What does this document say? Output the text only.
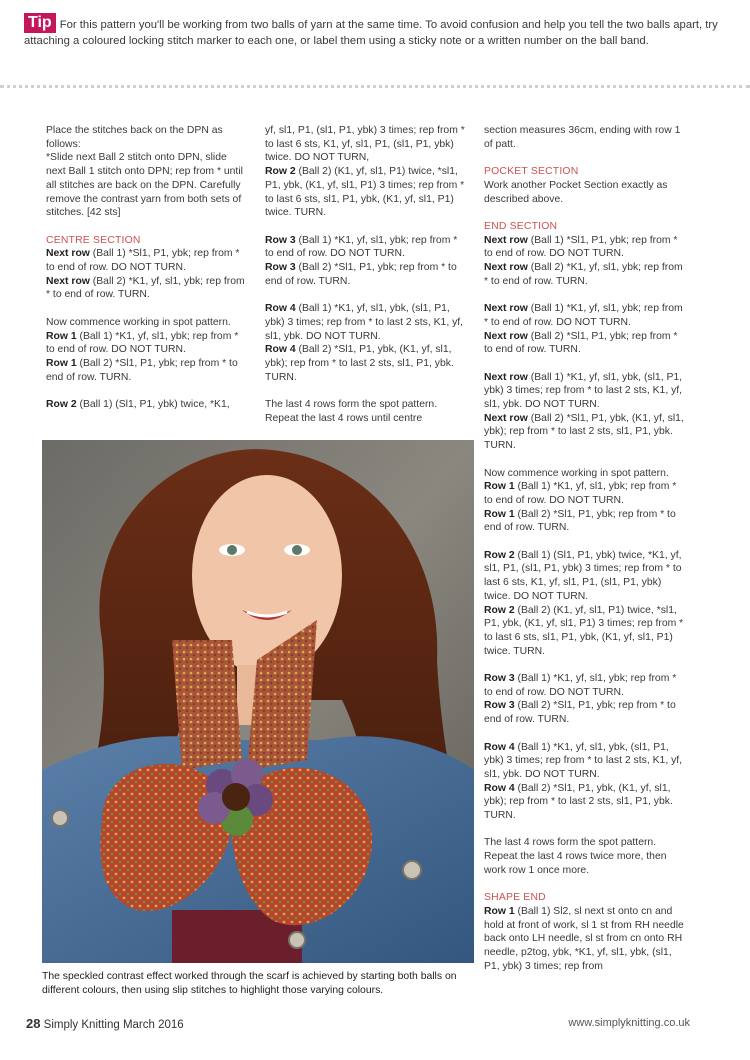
Tip For this pattern you'll be working from two balls of yarn at the same time. To avoid confusion and help you tell the two balls apart, try attaching a coloured locking stitch marker to each one, or label them using a sticky note or a written number on the ball band.

Place the stitches back on the DPN as follows:

*Slide next Ball 2 stitch onto DPN, slide next Ball 1 stitch onto DPN; rep from * until all stitches are back on the DPN. Carefully remove the contrast yarn from both sets of stitches. [42 sts]

CENTRE SECTION

Next row (Ball 1) *Sl1, P1, ybk; rep from * to end of row. DO NOT TURN.

Next row (Ball 2) *K1, yf, sl1, ybk; rep from * to end of row. TURN.

Now commence working in spot pattern.

Row 1 (Ball 1) *K1, yf, sl1, ybk; rep from * to end of row. DO NOT TURN.

Row 1 (Ball 2) *Sl1, P1, ybk; rep from * to end of row. TURN.

Row 2 (Ball 1) (Sl1, P1, ybk) twice, *K1,

yf, sl1, P1, (sl1, P1, ybk) 3 times; rep from * to last 6 sts, K1, yf, sl1, P1, (sl1, P1, ybk) twice. DO NOT TURN,

Row 2 (Ball 2) (K1, yf, sl1, P1) twice, *sl1, P1, ybk, (K1, yf, sl1, P1) 3 times; rep from * to last 6 sts, sl1, P1, ybk, (K1, yf, sl1, P1) twice. TURN.

Row 3 (Ball 1) *K1, yf, sl1, ybk; rep from * to end of row. DO NOT TURN.

Row 3 (Ball 2) *Sl1, P1, ybk; rep from * to end of row. TURN.

Row 4 (Ball 1) *K1, yf, sl1, ybk, (sl1, P1, ybk) 3 times; rep from * to last 2 sts, K1, yf, sl1, ybk. DO NOT TURN.

Row 4 (Ball 2) *Sl1, P1, ybk, (K1, yf, sl1, ybk); rep from * to last 2 sts, sl1, P1, ybk. TURN.

The last 4 rows form the spot pattern. Repeat the last 4 rows until centre

section measures 36cm, ending with row 1 of patt.

POCKET SECTION

Work another Pocket Section exactly as described above.

END SECTION

Next row (Ball 1) *Sl1, P1, ybk; rep from * to end of row. DO NOT TURN.

Next row (Ball 2) *K1, yf, sl1, ybk; rep from * to end of row. TURN.

Next row (Ball 1) *K1, yf, sl1, ybk; rep from * to end of row. DO NOT TURN.

Next row (Ball 2) *Sl1, P1, ybk; rep from * to end of row. TURN.

Next row (Ball 1) *K1, yf, sl1, ybk, (sl1, P1, ybk) 3 times; rep from * to last 2 sts, K1, yf, sl1, ybk. DO NOT TURN.

Next row (Ball 2) *Sl1, P1, ybk, (K1, yf, sl1, ybk); rep from * to last 2 sts, sl1, P1, ybk. TURN.

Now commence working in spot pattern.

Row 1 (Ball 1) *K1, yf, sl1, ybk; rep from * to end of row. DO NOT TURN.

Row 1 (Ball 2) *Sl1, P1, ybk; rep from * to end of row. TURN.

Row 2 (Ball 1) (Sl1, P1, ybk) twice, *K1, yf, sl1, P1, (sl1, P1, ybk) 3 times; rep from * to last 6 sts, K1, yf, sl1, P1, (sl1, P1, ybk) twice. DO NOT TURN.

Row 2 (Ball 2) (K1, yf, sl1, P1) twice, *sl1, P1, ybk, (K1, yf, sl1, P1) 3 times; rep from * to last 6 sts, sl1, P1, ybk, (K1, yf, sl1, P1) twice. TURN.

Row 3 (Ball 1) *K1, yf, sl1, ybk; rep from * to end of row. DO NOT TURN.

Row 3 (Ball 2) *Sl1, P1, ybk; rep from * to end of row. TURN.

Row 4 (Ball 1) *K1, yf, sl1, ybk, (sl1, P1, ybk) 3 times; rep from * to last 2 sts, K1, yf, sl1, ybk. DO NOT TURN.

Row 4 (Ball 2) *Sl1, P1, ybk, (K1, yf, sl1, ybk); rep from * to last 2 sts, sl1, P1, ybk. TURN.

The last 4 rows form the spot pattern. Repeat the last 4 rows twice more, then work row 1 once more.

SHAPE END

Row 1 (Ball 1) Sl2, sl next st onto cn and hold at front of work, sl 1 st from RH needle back onto LH needle, sl st from cn onto RH needle, p2tog, ybk, *K1, yf, sl1, ybk, (sl1, P1, ybk) 3 times; rep from

The speckled contrast effect worked through the scarf is achieved by starting both balls on different colours, then using slip stitches to highlight those varying colours.
28 Simply Knitting March 2016	www.simplyknitting.co.uk
